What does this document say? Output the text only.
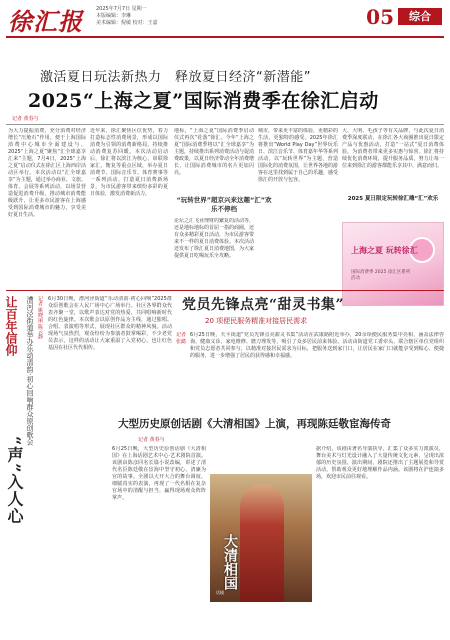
徐汇报	2025年7月7日 星期一
本版编辑：李琳
美术编辑：倪敏 校对：王嘉	05	综合
激活夏日玩法新热力　释放夏日经济“新潜能”
2025“上海之夏”国际消费季在徐汇启动
记者 黄春与
为大力提振消费，充分消费对经济增长“压舱石”作用，便于上海国际消费中心城市全面建设与，2025“上海之夏”聚焦“汇全球嘉享汇来”主题，7月4日，2025“上海之夏”启动仪式在徐汇区上海西岸活动区举行。本次活动以“汇全球嘉享”为主题，通过举办商业、文旅、体育、会展等系列活动，以场景营造促进消费升级，推动城市消费能级跃升，让更多市民游客在上海感受到国际消费城市的魅力，享受美好夏日生活。
近年来，徐汇聚焦区位优势，着力打造标志性消费场景，形成以国际消费为引领的消费新格局，持续推动消费复苏回暖。本次活动启动后，徐汇将以滨江为核心，串联徐家汇、衡复等重点区域，举办夏日消费节、国际音乐节、体育赛事等一系列活动，打造夏日消费新场景，为市民游客带来缤纷多彩的夏日体验，激发消费新活力。
地标，“上海之夏”国际消费季启动仪式再次“花落”徐汇。今年“上海之夏”国际消费季将以“汇全球嘉享”为主题，持续推出系列消费活动与促消费政策，以夏日经济带动全年消费增长，让国际消费城市的名片更加闪亮。
“玩转世界”超京兴来这趣“汇”欢乐不停档
论坛之汇飞业理财的繁复的活动等，还是地标地标的首屈一指的商圈，还有众多精彩夏日活动，为市民游客带来不一样的夏日消费体验。本次活动还发布了徐汇夏日消费地图，为大家提供夏日吃喝玩乐全攻略。
城市，带来更丰富的体验，更精彩的生活，更独特的感受。2025年徐汇将推出“World Play Day”世界玩乐日、滨江音乐节、体育嘉年华等系列活动，以“玩转世界”为主题，营造国际化的消费氛围，让世界各地的游客在这里找到属于自己的乐趣，感受徐汇的开放与包容。
大、大明、毛孩子等有关品牌，与此次夏日消费季深度联动，在徐汇各大商圈推出夏日限定产品与优惠活动，打造“一站式”夏日消费体验，为消费者带来更多实惠与惊喜。徐汇将持续优化消费环境，提升服务品质，努力让每一位来到徐汇的游客都能乐享其中、满意而归。
2025 夏日限定玩转徐汇嗨“汇”欢乐
上海之夏 玩转徐汇
国际消费季 2025 徐汇区系列活动
让百年信仰	漕河泾街道举办乐动清韵·初心回响群众原创歌会 记者 姚晓丽 陈云静
“声”入人心
6月30日晚，漕河泾街道“乐动清韵·初心回响”2025群众原创歌会在人民广场中心广场举行。社区各界群众代表齐聚一堂，以歌声表达对党的热爱，共同唱响新时代的红色旋律。本次歌会以原创作品为主线，通过独唱、合唱、表演唱等形式，展现社区群众的精神风貌。活动现场气氛热烈，观众纷纷为参演者鼓掌喝彩，不少老党员表示，这样的活动让大家重温了入党初心，也让红色基因在社区代代相传。
党员先锋点亮“甜灵书集”
20 项便民服务精准对接居民需求
记者 张懿
6月25日晚，天平街道“党员先锋点亮甜灵书集”活动在武康路附近举办，20余项便民服务集中亮相，涵盖法律咨询、健康义诊、家电维修、磨刀理发等，吸引了众多居民前来体验。活动由街道党工委牵头，联合辖区单位党组织和党员志愿者共同参与，以精准对接居民需求为目标，把服务送到家门口，让居民在家门口就能享受到贴心、便捷的服务，进一步增强了居民的获得感和幸福感。
大型历史原创话剧《大清相国》上演，再现陈廷敬宦海传奇
记者 黄春与
6月25日晚，大型历史原创话剧《大清相国》在上海话剧艺术中心·艺术剧院首演。该剧由陈彦同名长篇小说改编，讲述了清代名臣陈廷敬在宦海中坚守初心、清廉为官的故事。全剧以大开大合的舞台调度、细腻真实的表演，再现了一代名相在复杂官场中的清醒与担当，赢得现场观众阵阵掌声。
大清相国
话剧
据介绍，该剧由著名导演执导，汇集了众多实力派演员，舞台美术与灯光设计融入了大量传统文化元素，呈现出浓郁的历史氛围。演出期间，剧院还推出了主题展览和导赏活动，帮助观众更好地理解作品内涵。该剧将在沪连演多场，欢迎市民前往观看。
